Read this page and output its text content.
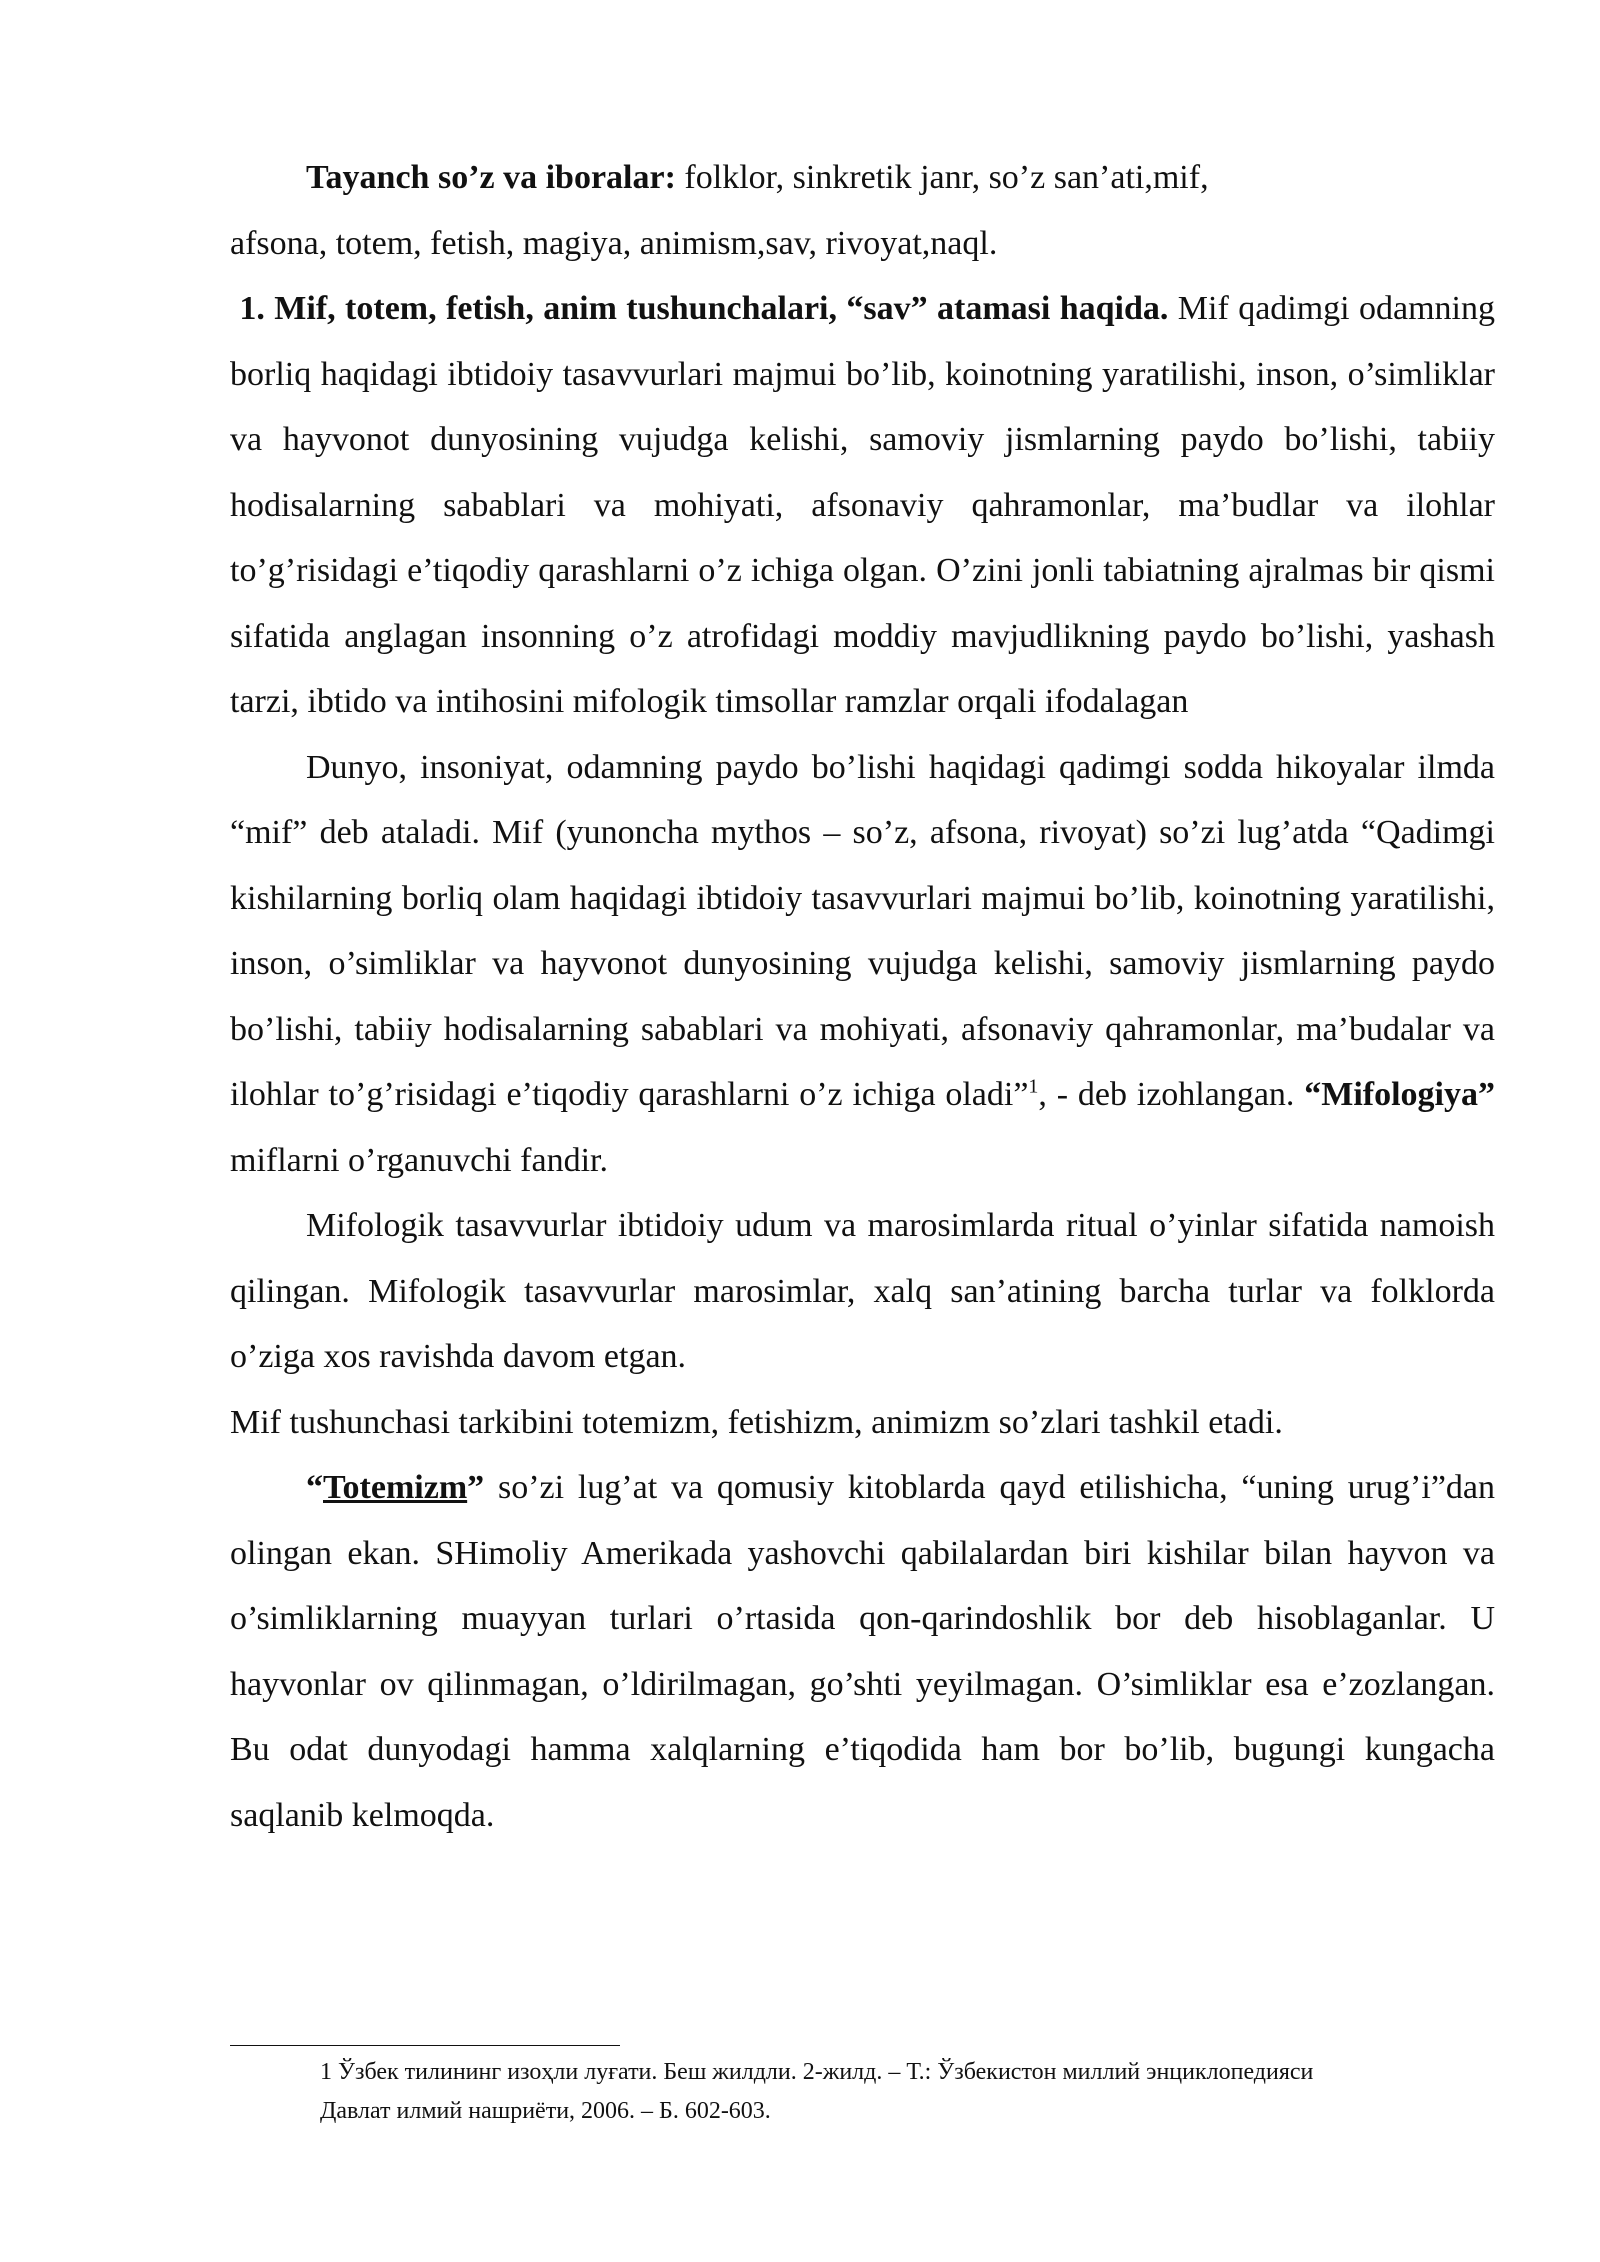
Tayanch so’z va iboralar: folklor, sinkretik janr, so’z san’ati,mif,
afsona, totem, fetish, magiya, animism,sav, rivoyat,naql.

1. Mif, totem, fetish, anim tushunchalari, “sav” atamasi haqida. Mif qadimgi odamning borliq haqidagi ibtidoiy tasavvurlari majmui bo’lib, koinotning yaratilishi, inson, o’simliklar va hayvonot dunyosining vujudga kelishi, samoviy jismlarning paydo bo’lishi, tabiiy hodisalarning sabablari va mohiyati, afsonaviy qahramonlar, ma’budlar va ilohlar to’g’risidagi e’tiqodiy qarashlarni o’z ichiga olgan. O’zini jonli tabiatning ajralmas bir qismi sifatida anglagan insonning o’z atrofidagi moddiy mavjudlikning paydo bo’lishi, yashash tarzi, ibtido va intihosini mifologik timsollar ramzlar orqali ifodalagan

Dunyo, insoniyat, odamning paydo bo’lishi haqidagi qadimgi sodda hikoyalar ilmda “mif” deb ataladi. Mif (yunoncha mythos – so’z, afsona, rivoyat) so’zi lug’atda “Qadimgi kishilarning borliq olam haqidagi ibtidoiy tasavvurlari majmui bo’lib, koinotning yaratilishi, inson, o’simliklar va hayvonot dunyosining vujudga kelishi, samoviy jismlarning paydo bo’lishi, tabiiy hodisalarning sabablari va mohiyati, afsonaviy qahramonlar, ma’budalar va ilohlar to’g’risidagi e’tiqodiy qarashlarni o’z ichiga oladi”$^1$, - deb izohlangan. “Mifologiya” miflarni o’rganuvchi fandir.

Mifologik tasavvurlar ibtidoiy udum va marosimlarda ritual o’yinlar sifatida namoish qilingan. Mifologik tasavvurlar marosimlar, xalq san’atining barcha turlar va folklorda o’ziga xos ravishda davom etgan.

Mif tushunchasi tarkibini totemizm, fetishizm, animizm so’zlari tashkil etadi.

“Totemizm” so’zi lug’at va qomusiy kitoblarda qayd etilishicha, “uning urug’i”dan olingan ekan. SHimoliy Amerikada yashovchi qabilalardan biri kishilar bilan hayvon va o’simliklarning muayyan turlari o’rtasida qon-qarindoshlik bor deb hisoblaganlar. U hayvonlar ov qilinmagan, o’ldirilmagan, go’shti yeyilmagan. O’simliklar esa e’zozlangan. Bu odat dunyodagi hamma xalqlarning e’tiqodida ham bor bo’lib, bugungi kungacha saqlanib kelmoqda.

1 Ўзбек тилининг изоҳли луғати. Беш жилдли. 2-жилд. – Т.: Ўзбекистон миллий энциклопедияси
Давлат илмий нашриёти, 2006. – Б. 602-603.
